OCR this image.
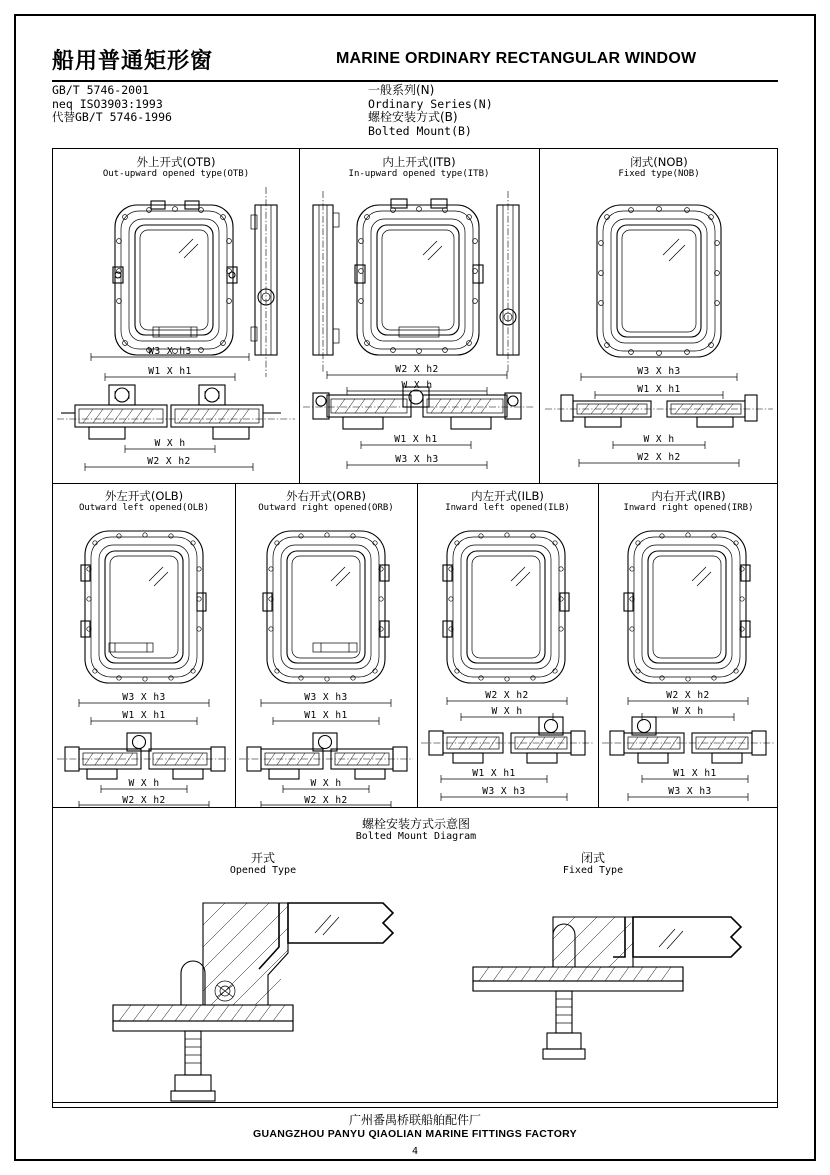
船用普通矩形窗	MARINE ORDINARY RECTANGULAR WINDOW
GB/T 5746-2001
neq ISO3903:1993
代替GB/T 5746-1996
一般系列(N)
Ordinary Series(N)
螺栓安装方式(B)
Bolted Mount(B)
外上开式(OTB)
Out-upward opened type(OTB)
W3 X h3
W1 X h1
W X h
W2 X h2
内上开式(ITB)
In-upward opened type(ITB)
W2 X h2
W X h
W1 X h1
W3 X h3
闭式(NOB)
Fixed type(NOB)
W3 X h3
W1 X h1
W X h
W2 X h2
外左开式(OLB)
Outward left opened(OLB)
W3 X h3
W1 X h1
W X h
W2 X h2
外右开式(ORB)
Outward right opened(ORB)
W3 X h3
W1 X h1
W X h
W2 X h2
内左开式(ILB)
Inward left opened(ILB)
W2 X h2
W X h
W1 X h1
W3 X h3
内右开式(IRB)
Inward right opened(IRB)
W2 X h2
W X h
W1 X h1
W3 X h3
螺栓安装方式示意图
Bolted Mount Diagram
开式
Opened Type
闭式
Fixed Type
广州番禺桥联船舶配件厂
GUANGZHOU PANYU QIAOLIAN MARINE FITTINGS FACTORY
4
